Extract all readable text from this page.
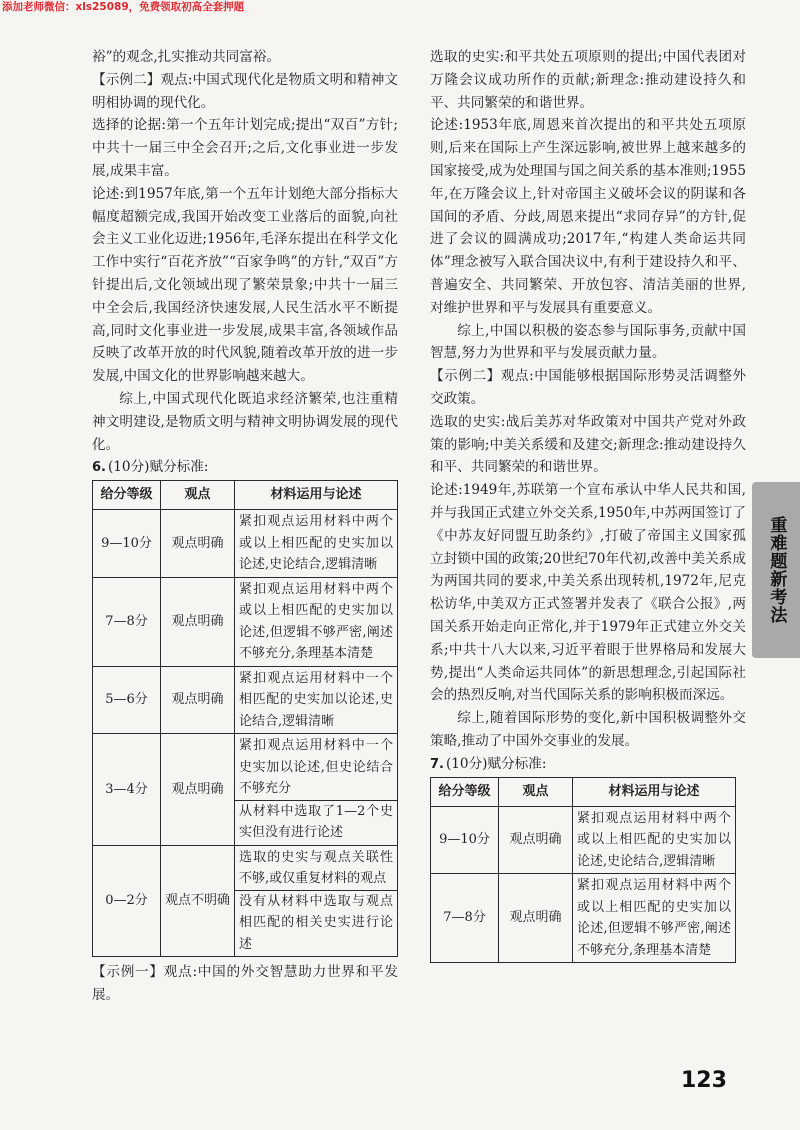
添加老师微信：xls25089，免费领取初高全套押题

裕”的观念,扎实推动共同富裕。

【示例二】观点:中国式现代化是物质文明和精神文明相协调的现代化。

选择的论据:第一个五年计划完成;提出“双百”方针;中共十一届三中全会召开;之后,文化事业进一步发展,成果丰富。

论述:到1957年底,第一个五年计划绝大部分指标大幅度超额完成,我国开始改变工业落后的面貌,向社会主义工业化迈进;1956年,毛泽东提出在科学文化工作中实行“百花齐放”“百家争鸣”的方针,“双百”方针提出后,文化领域出现了繁荣景象;中共十一届三中全会后,我国经济快速发展,人民生活水平不断提高,同时文化事业进一步发展,成果丰富,各领域作品反映了改革开放的时代风貌,随着改革开放的进一步发展,中国文化的世界影响越来越大。

综上,中国式现代化既追求经济繁荣,也注重精神文明建设,是物质文明与精神文明协调发展的现代化。

6. (10分)赋分标准:

给分等级	观点	材料运用与论述
9—10分	观点明确	紧扣观点运用材料中两个或以上相匹配的史实加以论述,史论结合,逻辑清晰

7—8分	观点明确	紧扣观点运用材料中两个或以上相匹配的史实加以论述,但逻辑不够严密,阐述不够充分,条理基本清楚

5—6分	观点明确	紧扣观点运用材料中一个相匹配的史实加以论述,史论结合,逻辑清晰

3—4分	观点明确	紧扣观点运用材料中一个史实加以论述,但史论结合不够充分
从材料中选取了1—2个史实但没有进行论述

0—2分	观点不明确	选取的史实与观点关联性不够,或仅重复材料的观点
没有从材料中选取与观点相匹配的相关史实进行论述

【示例一】观点:中国的外交智慧助力世界和平发展。

选取的史实:和平共处五项原则的提出;中国代表团对万隆会议成功所作的贡献;新理念:推动建设持久和平、共同繁荣的和谐世界。

论述:1953年底,周恩来首次提出的和平共处五项原则,后来在国际上产生深远影响,被世界上越来越多的国家接受,成为处理国与国之间关系的基本准则;1955年,在万隆会议上,针对帝国主义破坏会议的阴谋和各国间的矛盾、分歧,周恩来提出“求同存异”的方针,促进了会议的圆满成功;2017年,“构建人类命运共同体”理念被写入联合国决议中,有利于建设持久和平、普遍安全、共同繁荣、开放包容、清洁美丽的世界,对维护世界和平与发展具有重要意义。

综上,中国以积极的姿态参与国际事务,贡献中国智慧,努力为世界和平与发展贡献力量。

【示例二】观点:中国能够根据国际形势灵活调整外交政策。

选取的史实:战后美苏对华政策对中国共产党对外政策的影响;中美关系缓和及建交;新理念:推动建设持久和平、共同繁荣的和谐世界。

论述:1949年,苏联第一个宣布承认中华人民共和国,并与我国正式建立外交关系,1950年,中苏两国签订了《中苏友好同盟互助条约》,打破了帝国主义国家孤立封锁中国的政策;20世纪70年代初,改善中美关系成为两国共同的要求,中美关系出现转机,1972年,尼克松访华,中美双方正式签署并发表了《联合公报》,两国关系开始走向正常化,并于1979年正式建立外交关系;中共十八大以来,习近平着眼于世界格局和发展大势,提出“人类命运共同体”的新思想理念,引起国际社会的热烈反响,对当代国际关系的影响积极而深远。

综上,随着国际形势的变化,新中国积极调整外交策略,推动了中国外交事业的发展。

7. (10分)赋分标准:

给分等级	观点	材料运用与论述
9—10分	观点明确	紧扣观点运用材料中两个或以上相匹配的史实加以论述,史论结合,逻辑清晰

7—8分	观点明确	紧扣观点运用材料中两个或以上相匹配的史实加以论述,但逻辑不够严密,阐述不够充分,条理基本清楚
重难题新考法
123
